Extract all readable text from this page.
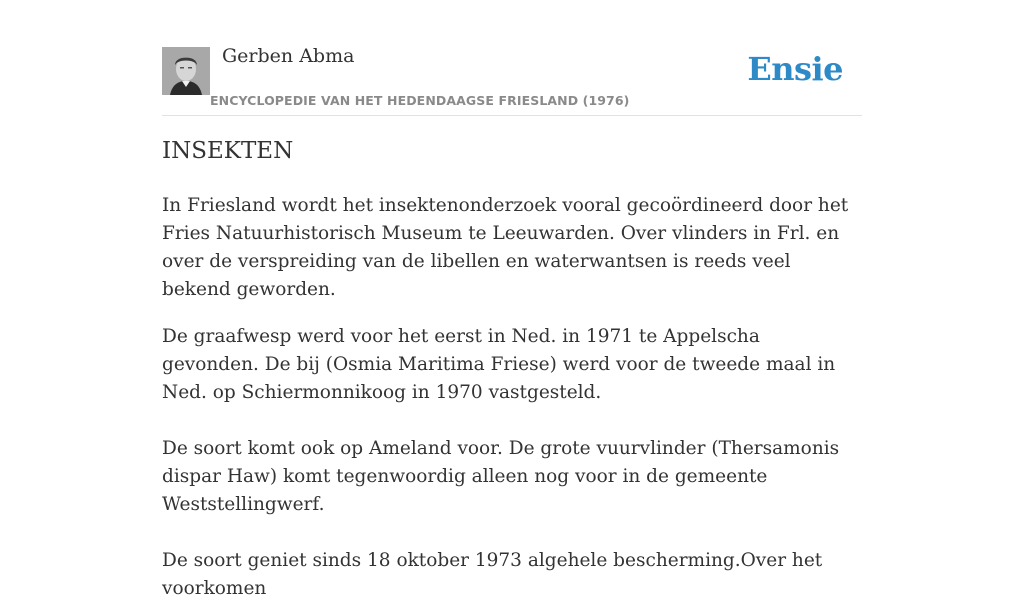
Gerben Abma
ENCYCLOPEDIE VAN HET HEDENDAAGSE FRIESLAND (1976)
Ensie
INSEKTEN

In Friesland wordt het insektenonderzoek vooral gecoördineerd door het Fries Natuurhistorisch Museum te Leeuwarden. Over vlinders in Frl. en over de verspreiding van de libellen en waterwantsen is reeds veel bekend geworden.

De graafwesp werd voor het eerst in Ned. in 1971 te Appelscha gevonden. De bij (Osmia Maritima Friese) werd voor de tweede maal in Ned. op Schiermonnikoog in 1970 vastgesteld.

De soort komt ook op Ameland voor. De grote vuurvlinder (Thersamonis dispar Haw) komt tegenwoordig alleen nog voor in de gemeente Weststellingwerf.

De soort geniet sinds 18 oktober 1973 algehele bescherming.Over het voorkomen
